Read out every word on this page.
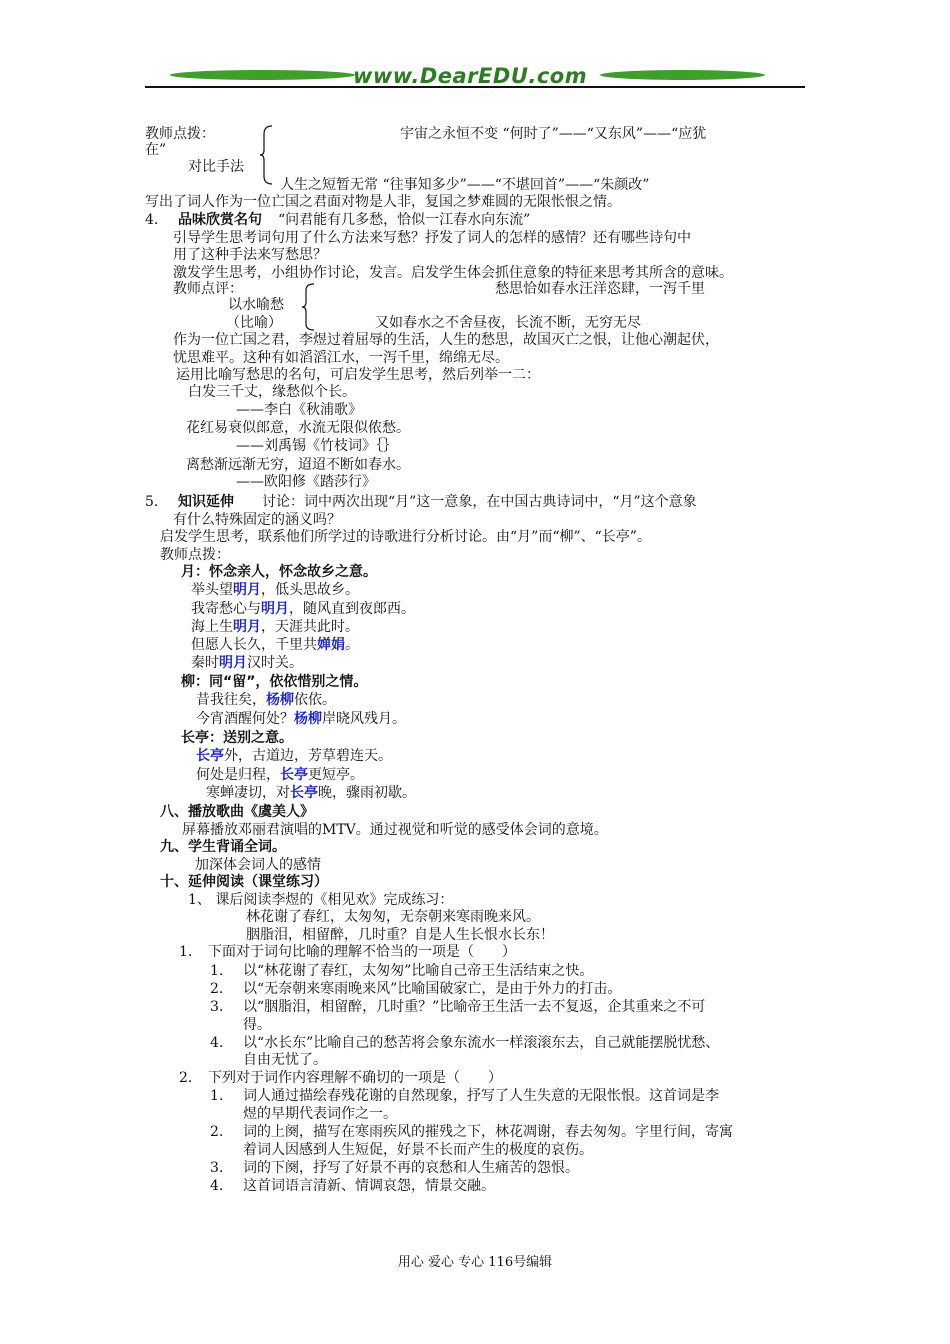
www.DearEDU.com
教师点拨：	宇宙之永恒不变 “何时了”——“又东风”——“应犹
在”
对比手法
人生之短暂无常 “往事知多少”——“不堪回首”——“朱颜改”
写出了词人作为一位亡国之君面对物是人非，复国之梦难圆的无限怅恨之情。
4. 品味欣赏名句 “问君能有几多愁，恰似一江春水向东流”
引导学生思考词句用了什么方法来写愁？抒发了词人的怎样的感情？还有哪些诗句中
用了这种手法来写愁思？
激发学生思考，小组协作讨论，发言。启发学生体会抓住意象的特征来思考其所含的意味。
教师点评：	愁思恰如春水汪洋恣肆，一泻千里
以水喻愁
（比喻）	又如春水之不舍昼夜，长流不断，无穷无尽
作为一位亡国之君，李煜过着屈辱的生活，人生的愁思，故国灭亡之恨，让他心潮起伏，
忧思难平。这种有如滔滔江水，一泻千里，绵绵无尽。
运用比喻写愁思的名句，可启发学生思考，然后列举一二：
白发三千丈，缘愁似个长。
——李白《秋浦歌》
花红易衰似郎意，水流无限似侬愁。
——刘禹锡《竹枝词》｛｝
离愁渐远渐无穷，迢迢不断如春水。
——欧阳修《踏莎行》
5. 知识延伸 讨论：词中两次出现“月”这一意象，在中国古典诗词中，“月”这个意象
有什么特殊固定的涵义吗？
启发学生思考，联系他们所学过的诗歌进行分析讨论。由“月”而“柳”、“长亭”。
教师点拨：
月：怀念亲人，怀念故乡之意。
举头望明月，低头思故乡。
我寄愁心与明月，随风直到夜郎西。
海上生明月，天涯共此时。
但愿人长久，千里共婵娟。
秦时明月汉时关。
柳：同“留”，依依惜别之情。
昔我往矣，杨柳依依。
今宵酒醒何处？杨柳岸晓风残月。
长亭：送别之意。
长亭外，古道边，芳草碧连天。
何处是归程，长亭更短亭。
寒蝉凄切，对长亭晚，骤雨初歇。
八、播放歌曲《虞美人》
屏幕播放邓丽君演唱的MTV。通过视觉和听觉的感受体会词的意境。
九、学生背诵全词。
加深体会词人的感情
十、延伸阅读（课堂练习）
1、 课后阅读李煜的《相见欢》完成练习：
林花谢了春红，太匆匆，无奈朝来寒雨晚来风。
胭脂泪，相留醉，几时重？自是人生长恨水长东！
1. 下面对于词句比喻的理解不恰当的一项是（　　）
1. 以“林花谢了春红，太匆匆”比喻自己帝王生活结束之快。
2. 以“无奈朝来寒雨晚来风”比喻国破家亡，是由于外力的打击。
3. 以“胭脂泪，相留醉，几时重？”比喻帝王生活一去不复返，企其重来之不可
得。
4. 以“水长东”比喻自己的愁苦将会象东流水一样滚滚东去，自己就能摆脱忧愁、
自由无忧了。
2. 下列对于词作内容理解不确切的一项是（　　）
1. 词人通过描绘春残花谢的自然现象，抒写了人生失意的无限怅恨。这首词是李
煜的早期代表词作之一。
2. 词的上阕，描写在寒雨疾风的摧残之下，林花凋谢，春去匆匆。字里行间，寄寓
着词人因感到人生短促，好景不长而产生的极度的哀伤。
3. 词的下阕，抒写了好景不再的哀愁和人生痛苦的怨恨。
4. 这首词语言清新、情调哀怨，情景交融。
用心 爱心 专心 116号编辑
